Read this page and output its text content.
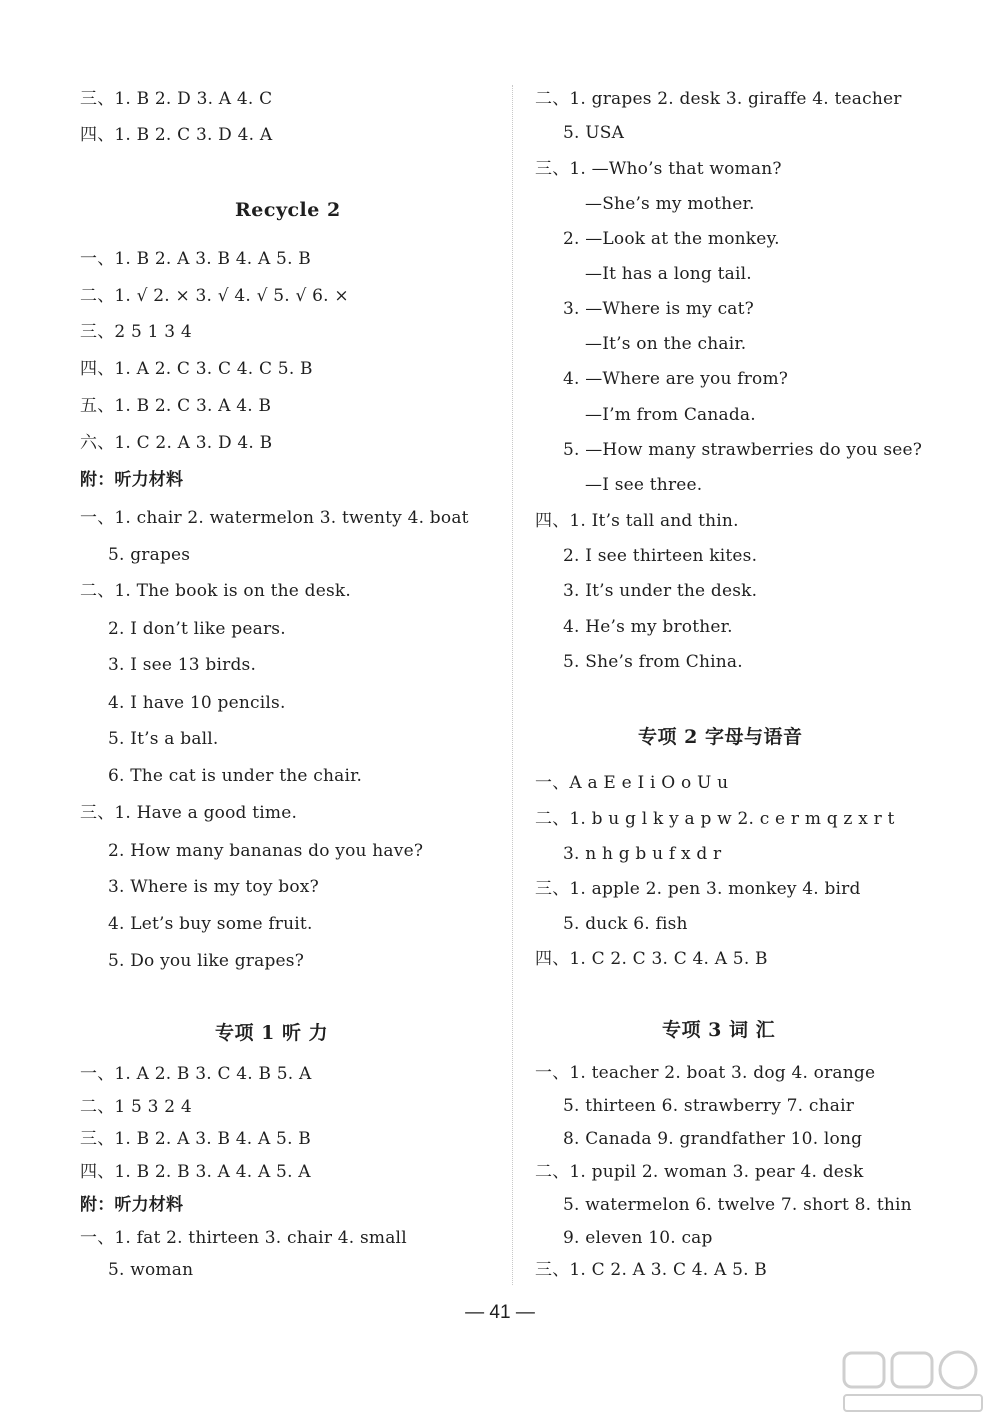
三、1. B 2. D 3. A 4. C
四、1. B 2. C 3. D 4. A
Recycle 2
一、1. B 2. A 3. B 4. A 5. B
二、1. √ 2. × 3. √ 4. √ 5. √ 6. ×
三、2 5 1 3 4
四、1. A 2. C 3. C 4. C 5. B
五、1. B 2. C 3. A 4. B
六、1. C 2. A 3. D 4. B
附：听力材料
一、1. chair 2. watermelon 3. twenty 4. boat
5. grapes
二、1. The book is on the desk.
2. I don’t like pears.
3. I see 13 birds.
4. I have 10 pencils.
5. It’s a ball.
6. The cat is under the chair.
三、1. Have a good time.
2. How many bananas do you have?
3. Where is my toy box?
4. Let’s buy some fruit.
5. Do you like grapes?
专项 1 听 力
一、1. A 2. B 3. C 4. B 5. A
二、1 5 3 2 4
三、1. B 2. A 3. B 4. A 5. B
四、1. B 2. B 3. A 4. A 5. A
附：听力材料
一、1. fat 2. thirteen 3. chair 4. small
5. woman
二、1. grapes 2. desk 3. giraffe 4. teacher
5. USA
三、1. —Who’s that woman?
—She’s my mother.
2. —Look at the monkey.
—It has a long tail.
3. —Where is my cat?
—It’s on the chair.
4. —Where are you from?
—I’m from Canada.
5. —How many strawberries do you see?
—I see three.
四、1. It’s tall and thin.
2. I see thirteen kites.
3. It’s under the desk.
4. He’s my brother.
5. She’s from China.
专项 2 字母与语音
一、A a E e I i O o U u
二、1. b u g l k y a p w 2. c e r m q z x r t
3. n h g b u f x d r
三、1. apple 2. pen 3. monkey 4. bird
5. duck 6. fish
四、1. C 2. C 3. C 4. A 5. B
专项 3 词 汇
一、1. teacher 2. boat 3. dog 4. orange
5. thirteen 6. strawberry 7. chair
8. Canada 9. grandfather 10. long
二、1. pupil 2. woman 3. pear 4. desk
5. watermelon 6. twelve 7. short 8. thin
9. eleven 10. cap
三、1. C 2. A 3. C 4. A 5. B
— 41 —
